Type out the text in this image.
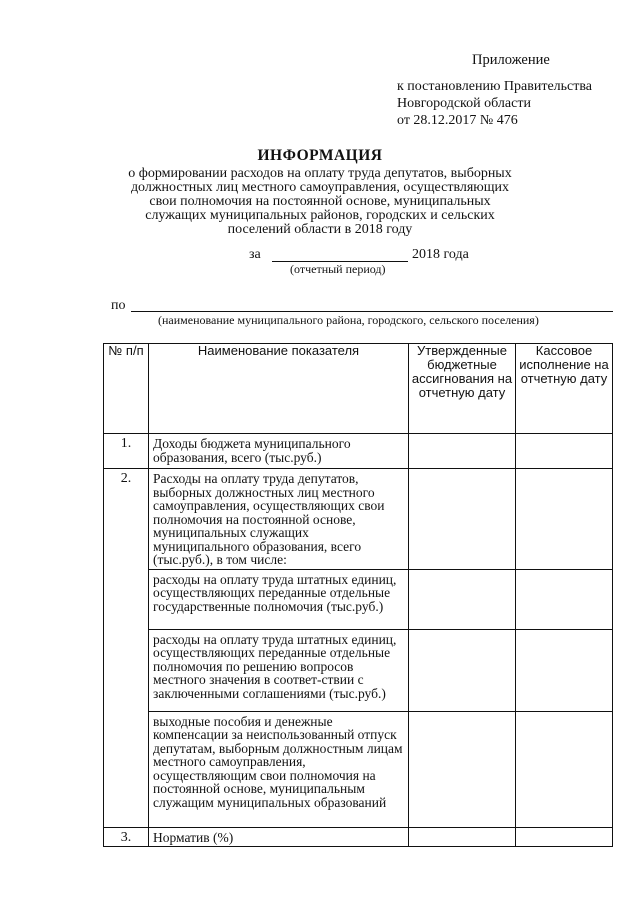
Приложение
к постановлению Правительства
Новгородской области
от 28.12.2017 № 476
ИНФОРМАЦИЯ
о формировании расходов на оплату труда депутатов, выборных должностных лиц местного самоуправления, осуществляющих свои полномочия на постоянной основе, муниципальных служащих муниципальных районов, городских и сельских поселений области в 2018 году
за	2018 года
(отчетный период)
по
(наименование муниципального района, городского, сельского поселения)
№ п/п	Наименование показателя	Утвержденные бюджетные ассигнования на отчетную дату	Кассовое исполнение на отчетную дату
1.	Доходы бюджета муниципального образования, всего (тыс.руб.)		
2.	Расходы на оплату труда депутатов, выборных должностных лиц местного самоуправления, осуществляющих свои полномочия на постоянной основе, муниципальных служащих муниципального образования, всего (тыс.руб.), в том числе:		
	расходы на оплату труда штатных единиц, осуществляющих переданные отдельные государственные полномочия (тыс.руб.)		
	расходы на оплату труда штатных единиц, осуществляющих переданные отдельные полномочия по решению вопросов местного значения в соответ-ствии с заключенными соглашениями (тыс.руб.)		
	выходные пособия и денежные компенсации за неиспользованный отпуск депутатам, выборным должностным лицам местного самоуправления, осуществляющим свои полномочия на постоянной основе, муниципальным служащим муниципальных образований		
3.	Норматив (%)		
